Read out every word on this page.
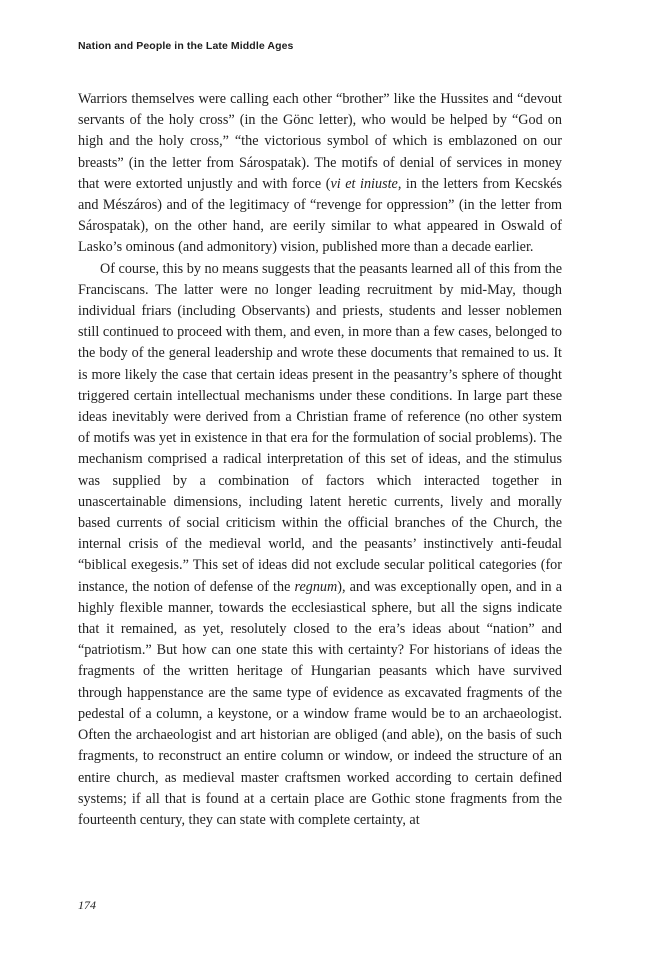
Nation and People in the Late Middle Ages

Warriors themselves were calling each other “brother” like the Hussites and “devout servants of the holy cross” (in the Gönc letter), who would be helped by “God on high and the holy cross,” “the victorious symbol of which is emblazoned on our breasts” (in the letter from Sárospatak). The motifs of denial of services in money that were extorted unjustly and with force (vi et iniuste, in the letters from Kecskés and Mészáros) and of the legitimacy of “revenge for oppression” (in the letter from Sárospatak), on the other hand, are eerily similar to what appeared in Oswald of Lasko’s ominous (and admonitory) vision, published more than a decade earlier.

Of course, this by no means suggests that the peasants learned all of this from the Franciscans. The latter were no longer leading recruitment by mid-May, though individual friars (including Observants) and priests, students and lesser noblemen still continued to proceed with them, and even, in more than a few cases, belonged to the body of the general leadership and wrote these documents that remained to us. It is more likely the case that certain ideas present in the peasantry’s sphere of thought triggered certain intellectual mechanisms under these conditions. In large part these ideas inevitably were derived from a Christian frame of reference (no other system of motifs was yet in existence in that era for the formulation of social problems). The mechanism comprised a radical interpretation of this set of ideas, and the stimulus was supplied by a combination of factors which interacted together in unascertainable dimensions, including latent heretic currents, lively and morally based currents of social criticism within the official branches of the Church, the internal crisis of the medieval world, and the peasants’ instinctively anti-feudal “biblical exegesis.” This set of ideas did not exclude secular political categories (for instance, the notion of defense of the regnum), and was exceptionally open, and in a highly flexible manner, towards the ecclesiastical sphere, but all the signs indicate that it remained, as yet, resolutely closed to the era’s ideas about “nation” and “patriotism.” But how can one state this with certainty? For historians of ideas the fragments of the written heritage of Hungarian peasants which have survived through happenstance are the same type of evidence as excavated fragments of the pedestal of a column, a keystone, or a window frame would be to an archaeologist. Often the archaeologist and art historian are obliged (and able), on the basis of such fragments, to reconstruct an entire column or window, or indeed the structure of an entire church, as medieval master craftsmen worked according to certain defined systems; if all that is found at a certain place are Gothic stone fragments from the fourteenth century, they can state with complete certainty, at

174
